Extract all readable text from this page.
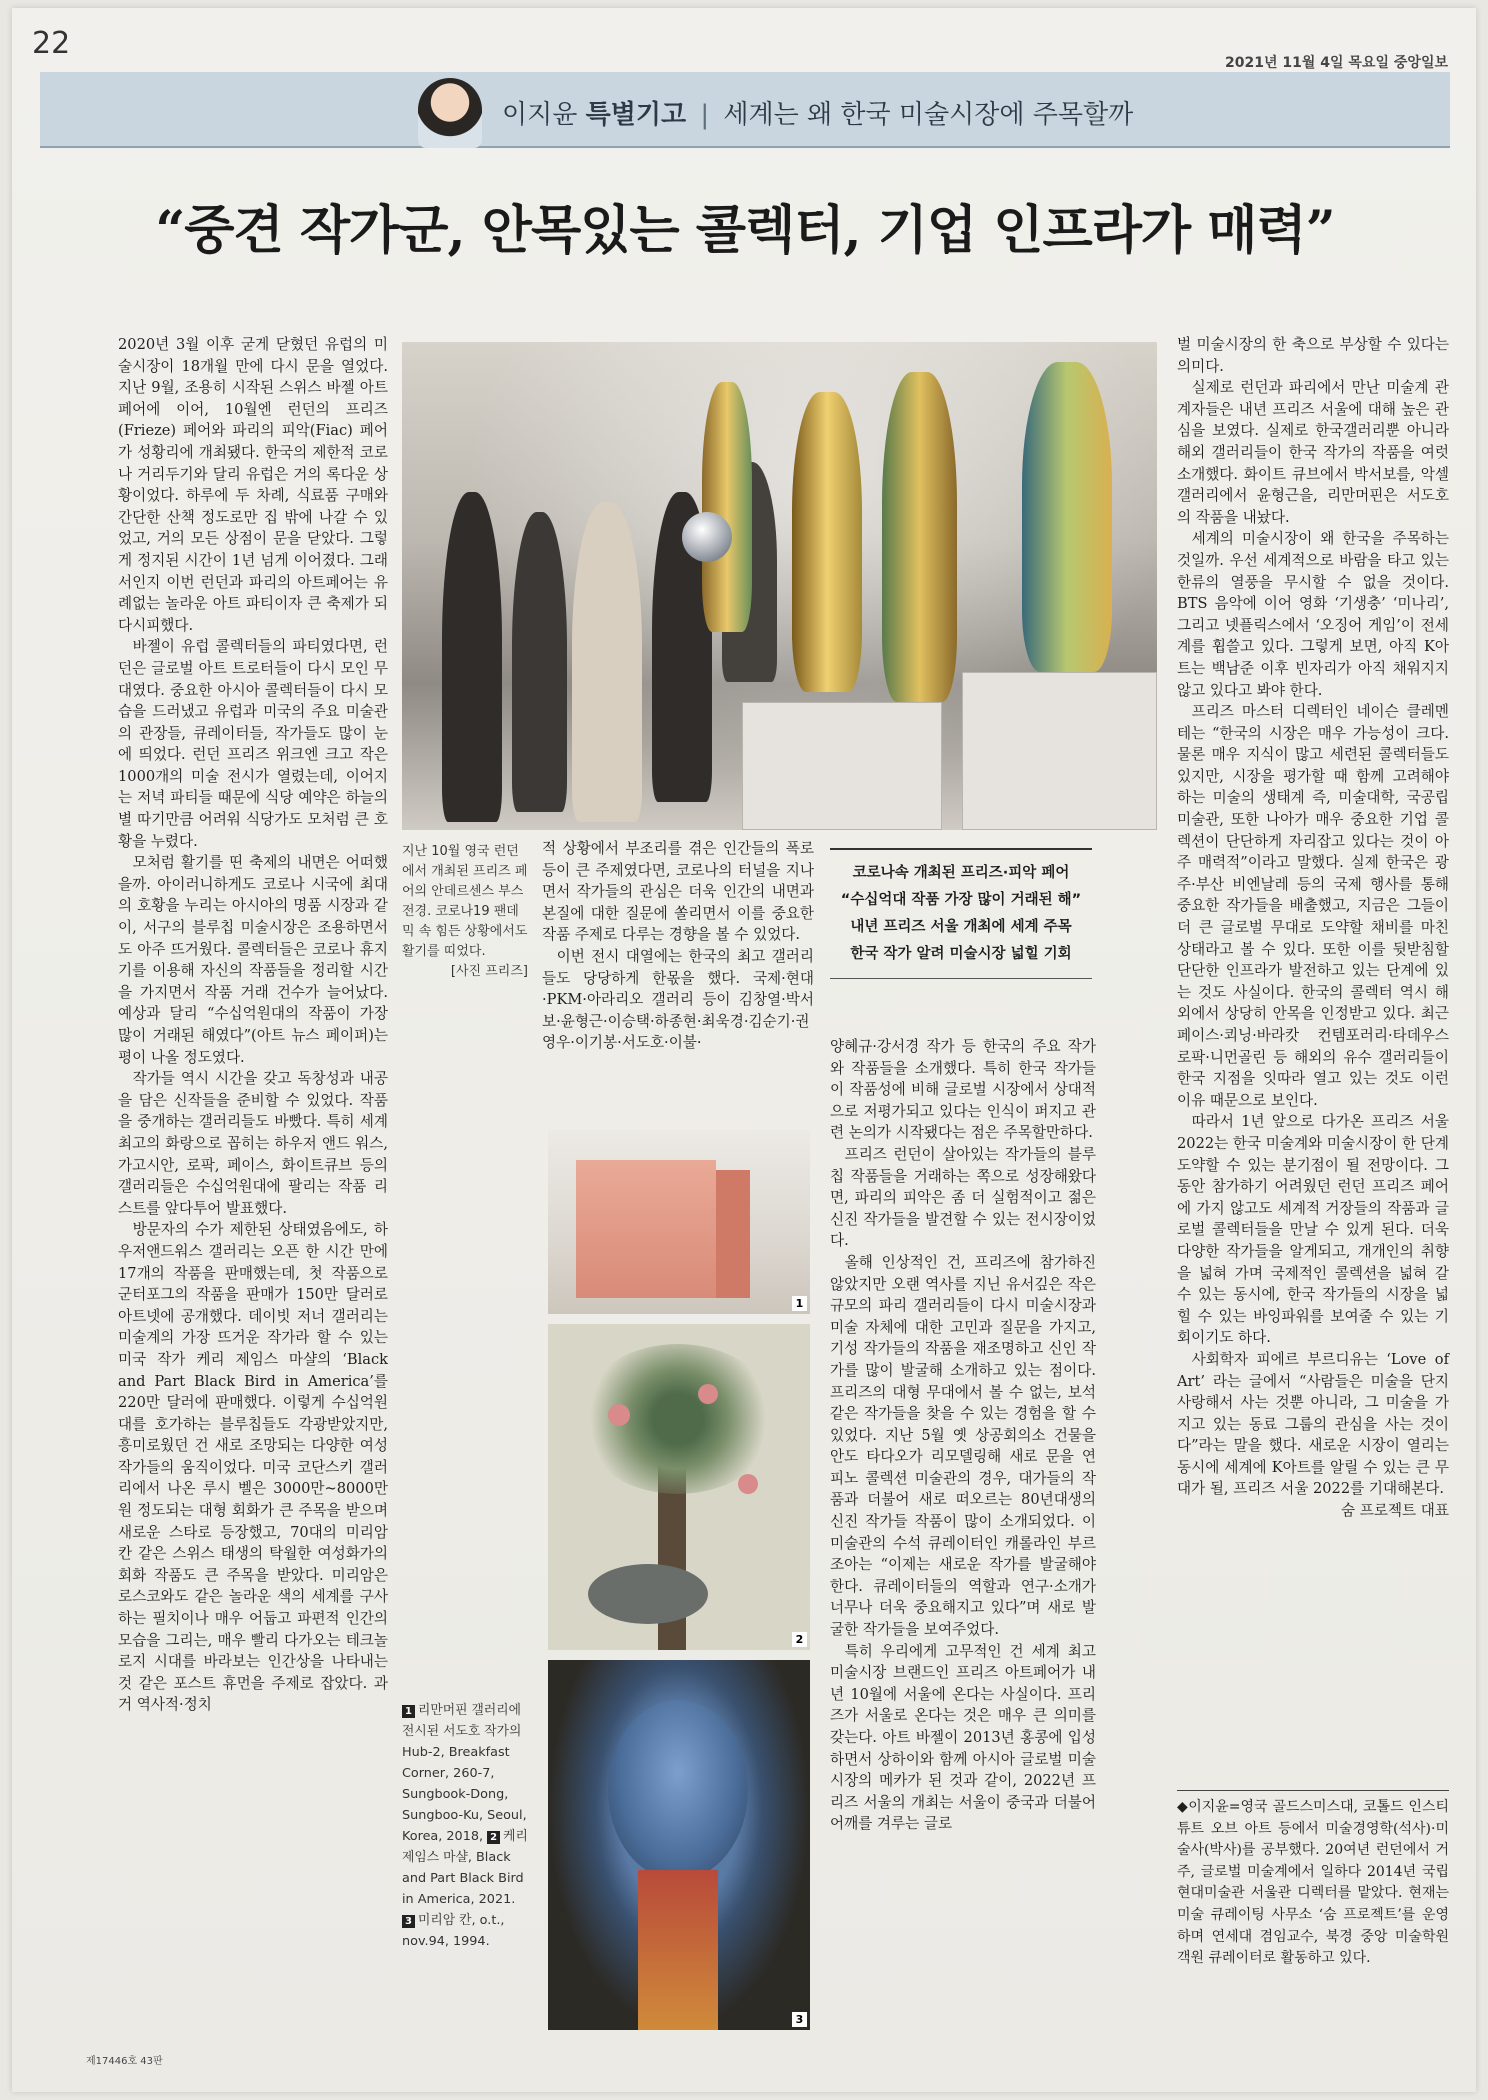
22
2021년 11월 4일 목요일 중앙일보
이지윤 특별기고 | 세계는 왜 한국 미술시장에 주목할까
“중견 작가군, 안목있는 콜렉터, 기업 인프라가 매력”

2020년 3월 이후 굳게 닫혔던 유럽의 미술시장이 18개월 만에 다시 문을 열었다. 지난 9월, 조용히 시작된 스위스 바젤 아트페어에 이어, 10월엔 런던의 프리즈(Frieze) 페어와 파리의 피악(Fiac) 페어가 성황리에 개최됐다. 한국의 제한적 코로나 거리두기와 달리 유럽은 거의 록다운 상황이었다. 하루에 두 차례, 식료품 구매와 간단한 산책 정도로만 집 밖에 나갈 수 있었고, 거의 모든 상점이 문을 닫았다. 그렇게 정지된 시간이 1년 넘게 이어졌다. 그래서인지 이번 런던과 파리의 아트페어는 유례없는 놀라운 아트 파티이자 큰 축제가 되다시피했다.

바젤이 유럽 콜렉터들의 파티였다면, 런던은 글로벌 아트 트로터들이 다시 모인 무대였다. 중요한 아시아 콜렉터들이 다시 모습을 드러냈고 유럽과 미국의 주요 미술관의 관장들, 큐레이터들, 작가들도 많이 눈에 띄었다. 런던 프리즈 위크엔 크고 작은 1000개의 미술 전시가 열렸는데, 이어지는 저녁 파티들 때문에 식당 예약은 하늘의 별 따기만큼 어려워 식당가도 모처럼 큰 호황을 누렸다.

모처럼 활기를 띤 축제의 내면은 어떠했을까. 아이러니하게도 코로나 시국에 최대의 호황을 누리는 아시아의 명품 시장과 같이, 서구의 블루칩 미술시장은 조용하면서도 아주 뜨거웠다. 콜렉터들은 코로나 휴지기를 이용해 자신의 작품들을 정리할 시간을 가지면서 작품 거래 건수가 늘어났다. 예상과 달리 “수십억원대의 작품이 가장 많이 거래된 해였다”(아트 뉴스 페이퍼)는 평이 나올 정도였다.

작가들 역시 시간을 갖고 독창성과 내공을 담은 신작들을 준비할 수 있었다. 작품을 중개하는 갤러리들도 바빴다. 특히 세계 최고의 화랑으로 꼽히는 하우저 앤드 워스, 가고시안, 로팍, 페이스, 화이트큐브 등의 갤러리들은 수십억원대에 팔리는 작품 리스트를 앞다투어 발표했다.

방문자의 수가 제한된 상태였음에도, 하우저앤드워스 갤러리는 오픈 한 시간 만에 17개의 작품을 판매했는데, 첫 작품으로 군터포그의 작품을 판매가 150만 달러로 아트넷에 공개했다. 데이빗 저너 갤러리는 미술계의 가장 뜨거운 작가라 할 수 있는 미국 작가 케리 제임스 마샬의 ‘Black and Part Black Bird in America’를 220만 달러에 판매했다. 이렇게 수십억원대를 호가하는 블루칩들도 각광받았지만, 흥미로웠던 건 새로 조망되는 다양한 여성 작가들의 움직이었다. 미국 코단스키 갤러리에서 나온 루시 벨은 3000만~8000만원 정도되는 대형 회화가 큰 주목을 받으며 새로운 스타로 등장했고, 70대의 미리암 칸 같은 스위스 태생의 탁월한 여성화가의 회화 작품도 큰 주목을 받았다. 미리암은 로스코와도 같은 놀라운 색의 세계를 구사하는 필치이나 매우 어둡고 파편적 인간의 모습을 그리는, 매우 빨리 다가오는 테크놀로지 시대를 바라보는 인간상을 나타내는 것 같은 포스트 휴먼을 주제로 잡았다. 과거 역사적·정치

지난 10월 영국 런던에서 개최된 프리즈 페어의 안데르센스 부스 전경. 코로나19 팬데믹 속 힘든 상황에서도 활기를 띠었다.
[사진 프리즈]

적 상황에서 부조리를 겪은 인간들의 폭로 등이 큰 주제였다면, 코로나의 터널을 지나면서 작가들의 관심은 더욱 인간의 내면과 본질에 대한 질문에 쏠리면서 이를 중요한 작품 주제로 다루는 경향을 볼 수 있었다.

이번 전시 대열에는 한국의 최고 갤러리들도 당당하게 한몫을 했다. 국제·현대·PKM·아라리오 갤러리 등이 김창열·박서보·윤형근·이승택·하종현·최욱경·김순기·권영우·이기봉·서도호·이불·

코로나속 개최된 프리즈·피악 페어
“수십억대 작품 가장 많이 거래된 해”
내년 프리즈 서울 개최에 세계 주목
한국 작가 알려 미술시장 넓힐 기회
1
2
3
1 리만머핀 갤러리에 전시된 서도호 작가의 Hub-2, Breakfast Corner, 260-7, Sungbook-Dong, Sungboo-Ku, Seoul, Korea, 2018, 2 케리 제임스 마샬, Black and Part Black Bird in America, 2021. 3 미리암 칸, o.t., nov.94, 1994.

양혜규·강서경 작가 등 한국의 주요 작가와 작품들을 소개했다. 특히 한국 작가들이 작품성에 비해 글로벌 시장에서 상대적으로 저평가되고 있다는 인식이 퍼지고 관련 논의가 시작됐다는 점은 주목할만하다.

프리즈 런던이 살아있는 작가들의 블루칩 작품들을 거래하는 쪽으로 성장해왔다면, 파리의 피악은 좀 더 실험적이고 젊은 신진 작가들을 발견할 수 있는 전시장이었다.

올해 인상적인 건, 프리즈에 참가하진 않았지만 오랜 역사를 지닌 유서깊은 작은 규모의 파리 갤러리들이 다시 미술시장과 미술 자체에 대한 고민과 질문을 가지고, 기성 작가들의 작품을 재조명하고 신인 작가를 많이 발굴해 소개하고 있는 점이다. 프리즈의 대형 무대에서 볼 수 없는, 보석 같은 작가들을 찾을 수 있는 경험을 할 수 있었다. 지난 5월 옛 상공회의소 건물을 안도 타다오가 리모델링해 새로 문을 연 피노 콜렉션 미술관의 경우, 대가들의 작품과 더불어 새로 떠오르는 80년대생의 신진 작가들 작품이 많이 소개되었다. 이 미술관의 수석 큐레이터인 캐롤라인 부르조아는 “이제는 새로운 작가를 발굴해야 한다. 큐레이터들의 역할과 연구·소개가 너무나 더욱 중요해지고 있다”며 새로 발굴한 작가들을 보여주었다.

특히 우리에게 고무적인 건 세계 최고 미술시장 브랜드인 프리즈 아트페어가 내년 10월에 서울에 온다는 사실이다. 프리즈가 서울로 온다는 것은 매우 큰 의미를 갖는다. 아트 바젤이 2013년 홍콩에 입성하면서 상하이와 함께 아시아 글로벌 미술시장의 메카가 된 것과 같이, 2022년 프리즈 서울의 개최는 서울이 중국과 더불어 어깨를 겨루는 글로

벌 미술시장의 한 축으로 부상할 수 있다는 의미다.

실제로 런던과 파리에서 만난 미술계 관계자들은 내년 프리즈 서울에 대해 높은 관심을 보였다. 실제로 한국갤러리뿐 아니라 해외 갤러리들이 한국 작가의 작품을 여럿 소개했다. 화이트 큐브에서 박서보를, 악셀 갤러리에서 윤형근을, 리만머핀은 서도호의 작품을 내놨다.

세계의 미술시장이 왜 한국을 주목하는 것일까. 우선 세계적으로 바람을 타고 있는 한류의 열풍을 무시할 수 없을 것이다. BTS 음악에 이어 영화 ‘기생충’ ‘미나리’, 그리고 넷플릭스에서 ‘오징어 게임’이 전세계를 휩쓸고 있다. 그렇게 보면, 아직 K아트는 백남준 이후 빈자리가 아직 채워지지 않고 있다고 봐야 한다.

프리즈 마스터 디렉터인 네이슨 클레멘테는 “한국의 시장은 매우 가능성이 크다. 물론 매우 지식이 많고 세련된 콜렉터들도 있지만, 시장을 평가할 때 함께 고려해야 하는 미술의 생태계 즉, 미술대학, 국공립 미술관, 또한 나아가 매우 중요한 기업 콜렉션이 단단하게 자리잡고 있다는 것이 아주 매력적”이라고 말했다. 실제 한국은 광주·부산 비엔날레 등의 국제 행사를 통해 중요한 작가들을 배출했고, 지금은 그들이 더 큰 글로벌 무대로 도약할 채비를 마친 상태라고 볼 수 있다. 또한 이를 뒷받침할 단단한 인프라가 발전하고 있는 단계에 있는 것도 사실이다. 한국의 콜렉터 역시 해외에서 상당히 안목을 인정받고 있다. 최근 페이스·쾨닝·바라캇 컨템포러리·타데우스로팍·니먼골린 등 해외의 유수 갤러리들이 한국 지점을 잇따라 열고 있는 것도 이런 이유 때문으로 보인다.

따라서 1년 앞으로 다가온 프리즈 서울 2022는 한국 미술계와 미술시장이 한 단계 도약할 수 있는 분기점이 될 전망이다. 그동안 참가하기 어려웠던 런던 프리즈 페어에 가지 않고도 세계적 거장들의 작품과 글로벌 콜렉터들을 만날 수 있게 된다. 더욱 다양한 작가들을 알게되고, 개개인의 취향을 넓혀 가며 국제적인 콜렉션을 넓혀 갈 수 있는 동시에, 한국 작가들의 시장을 넓힐 수 있는 바잉파워를 보여줄 수 있는 기회이기도 하다.

사회학자 피에르 부르디유는 ‘Love of Art’ 라는 글에서 “사람들은 미술을 단지 사랑해서 사는 것뿐 아니라, 그 미술을 가지고 있는 동료 그룹의 관심을 사는 것이다”라는 말을 했다. 새로운 시장이 열리는 동시에 세계에 K아트를 알릴 수 있는 큰 무대가 될, 프리즈 서울 2022를 기대해본다.

숨 프로젝트 대표
◆이지윤=영국 골드스미스대, 코톨드 인스티튜트 오브 아트 등에서 미술경영학(석사)·미술사(박사)를 공부했다. 20여년 런던에서 거주, 글로벌 미술계에서 일하다 2014년 국립현대미술관 서울관 디렉터를 맡았다. 현재는 미술 큐레이팅 사무소 ‘숨 프로젝트’를 운영하며 연세대 겸임교수, 북경 중앙 미술학원 객원 큐레이터로 활동하고 있다.
제17446호 43판
